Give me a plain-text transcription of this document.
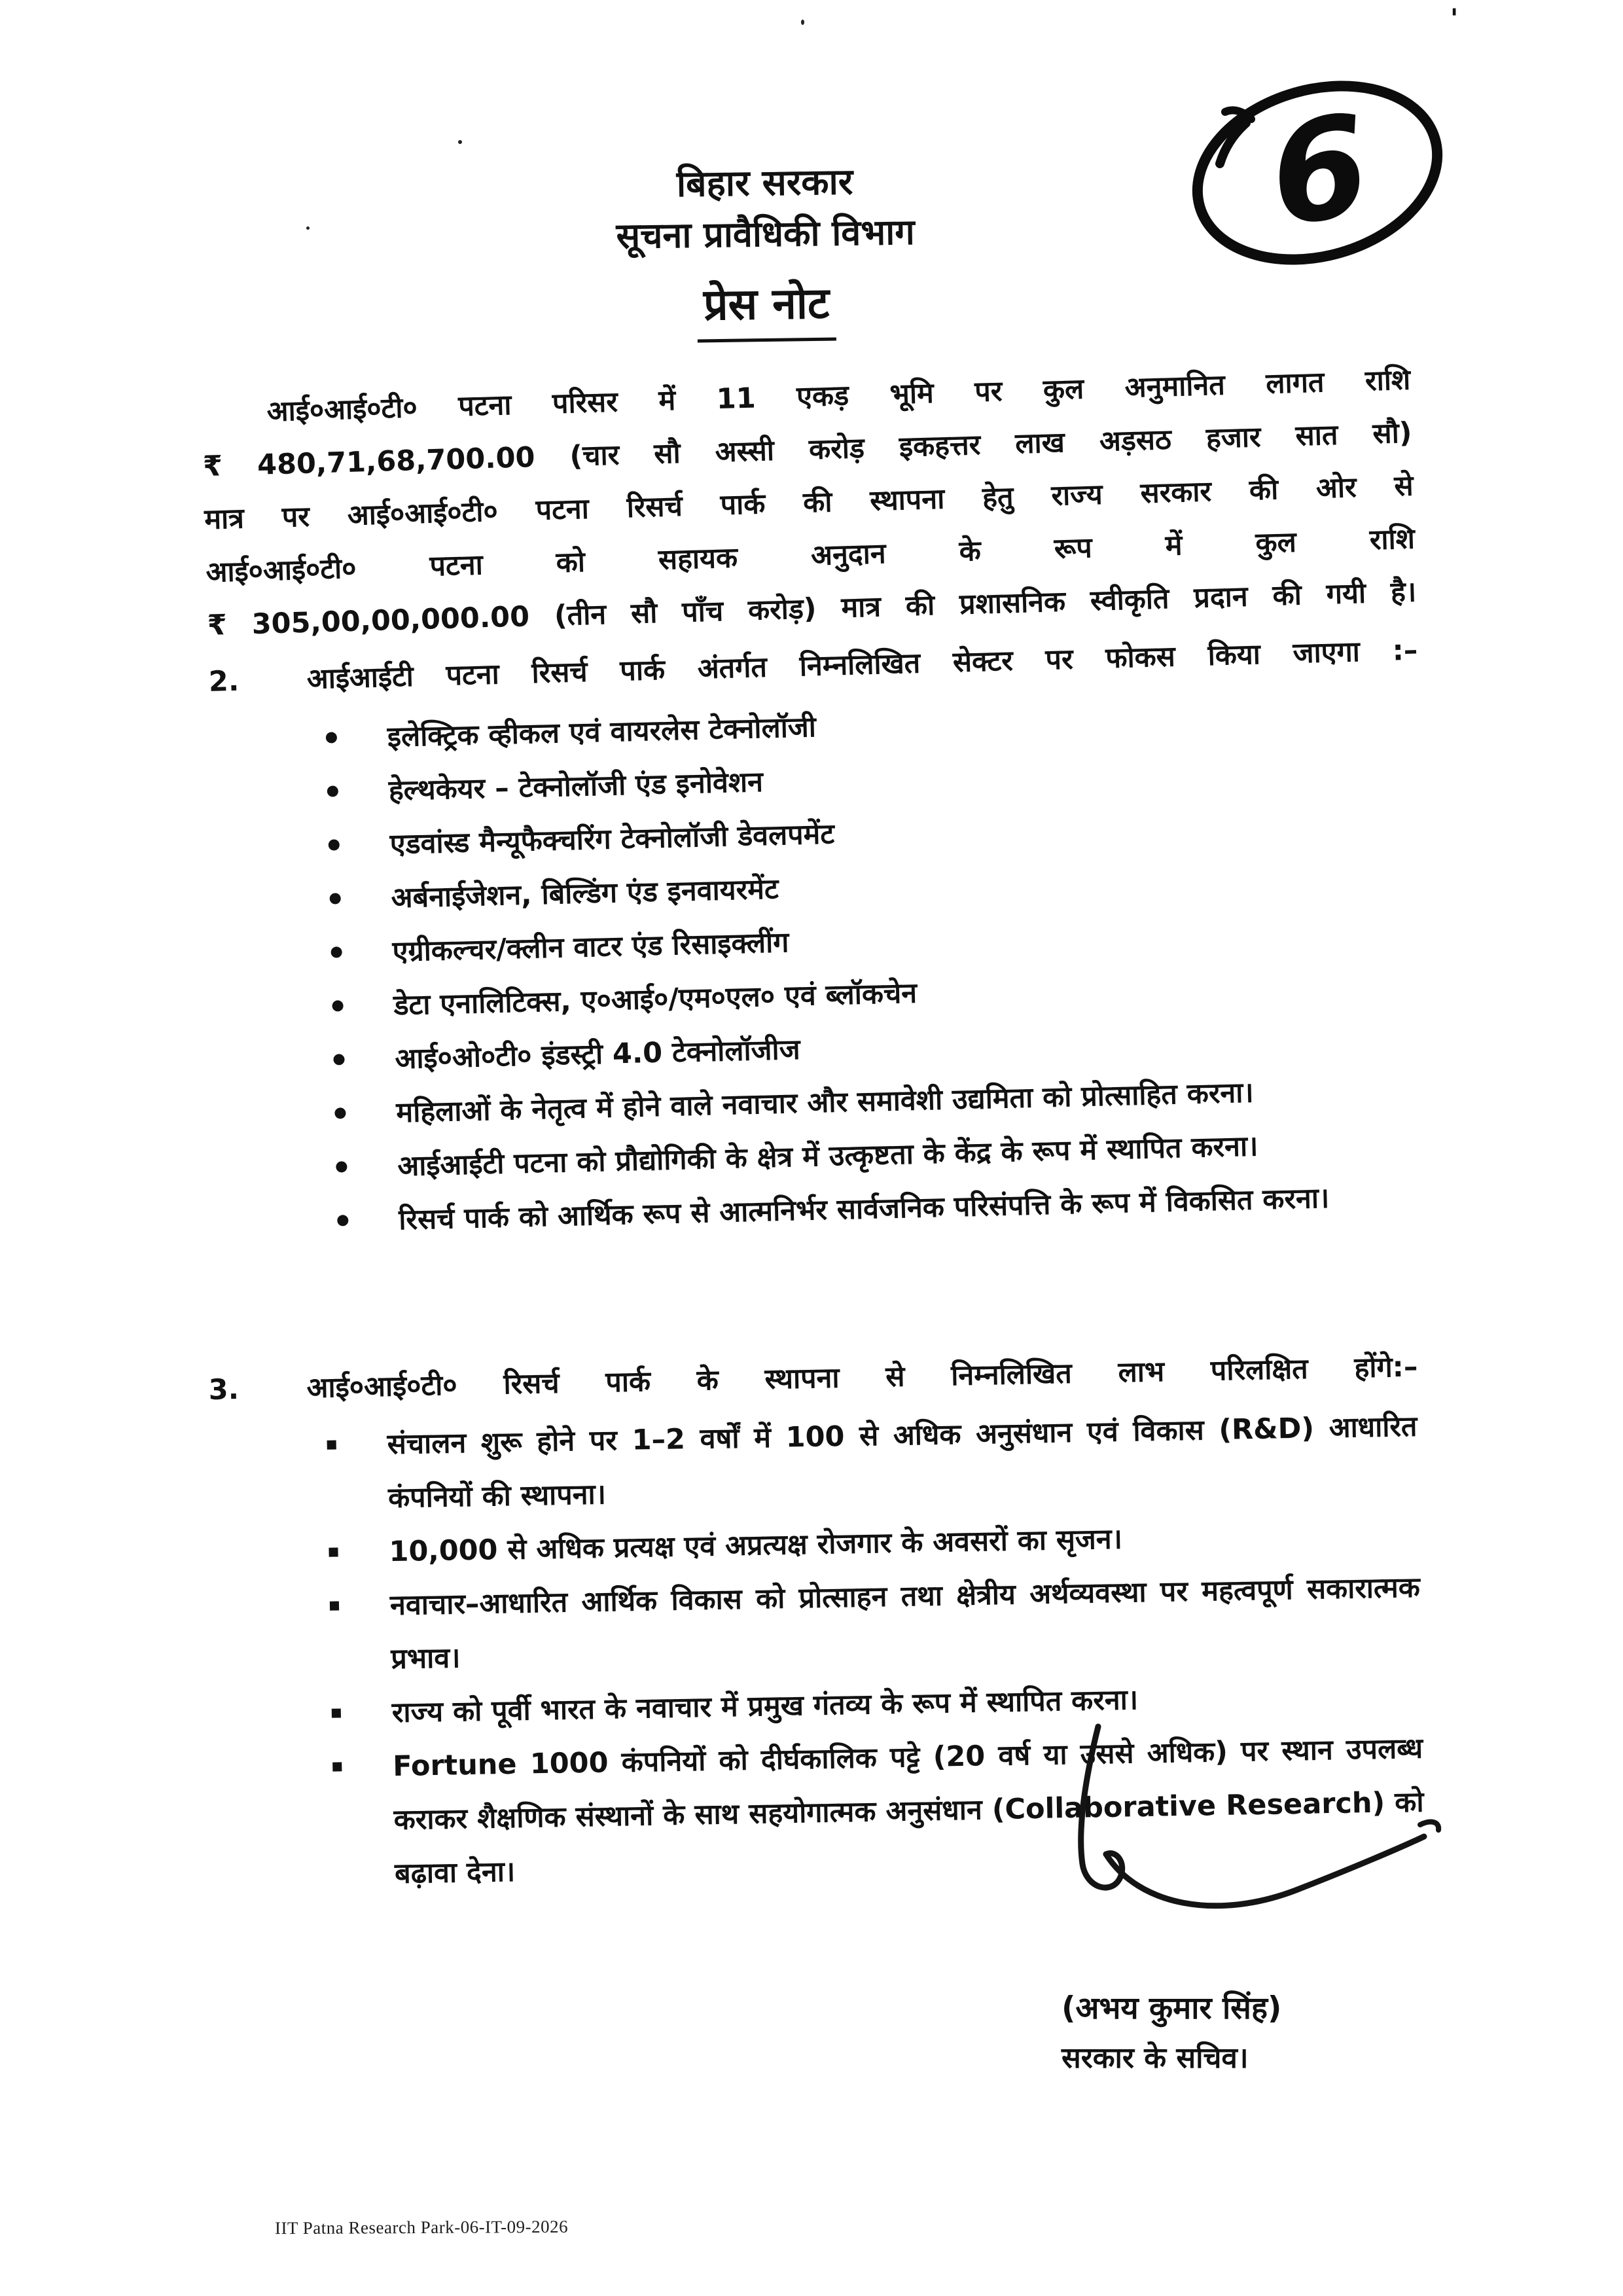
'
6
बिहार सरकार
सूचना प्रावैधिकी विभाग
प्रेस नोट
आई०आई०टी० पटना परिसर में 11 एकड़ भूमि पर कुल अनुमानित लागत राशि
₹ 480,71,68,700.00 (चार सौ अस्सी करोड़ इकहत्तर लाख अड़सठ हजार सात सौ)
मात्र पर आई०आई०टी० पटना रिसर्च पार्क की स्थापना हेतु राज्य सरकार की ओर से
आई०आई०टी० पटना को सहायक अनुदान के रूप में कुल राशि
₹ 305,00,00,000.00 (तीन सौ पाँच करोड़) मात्र की प्रशासनिक स्वीकृति प्रदान की गयी है।
2.	आईआईटी पटना रिसर्च पार्क अंतर्गत निम्नलिखित सेक्टर पर फोकस किया जाएगा :–
इलेक्ट्रिक व्हीकल एवं वायरलेस टेक्नोलॉजी
हेल्थकेयर – टेक्नोलॉजी एंड इनोवेशन
एडवांस्ड मैन्यूफैक्चरिंग टेक्नोलॉजी डेवलपमेंट
अर्बनाईजेशन, बिल्डिंग एंड इनवायरमेंट
एग्रीकल्चर/क्लीन वाटर एंड रिसाइक्लींग
डेटा एनालिटिक्स, ए०आई०/एम०एल० एवं ब्लॉकचेन
आई०ओ०टी० इंडस्ट्री 4.0 टेक्नोलॉजीज
महिलाओं के नेतृत्व में होने वाले नवाचार और समावेशी उद्यमिता को प्रोत्साहित करना।
आईआईटी पटना को प्रौद्योगिकी के क्षेत्र में उत्कृष्टता के केंद्र के रूप में स्थापित करना।
रिसर्च पार्क को आर्थिक रूप से आत्मनिर्भर सार्वजनिक परिसंपत्ति के रूप में विकसित करना।
3.	आई०आई०टी० रिसर्च पार्क के स्थापना से निम्नलिखित लाभ परिलक्षित होंगे:–
संचालन शुरू होने पर 1–2 वर्षों में 100 से अधिक अनुसंधान एवं विकास (R&D) आधारित कंपनियों की स्थापना।
10,000 से अधिक प्रत्यक्ष एवं अप्रत्यक्ष रोजगार के अवसरों का सृजन।
नवाचार–आधारित आर्थिक विकास को प्रोत्साहन तथा क्षेत्रीय अर्थव्यवस्था पर महत्वपूर्ण सकारात्मक प्रभाव।
राज्य को पूर्वी भारत के नवाचार में प्रमुख गंतव्य के रूप में स्थापित करना।
Fortune 1000 कंपनियों को दीर्घकालिक पट्टे (20 वर्ष या उससे अधिक) पर स्थान उपलब्ध कराकर शैक्षणिक संस्थानों के साथ सहयोगात्मक अनुसंधान (Collaborative Research) को बढ़ावा देना।
(अभय कुमार सिंह)
सरकार के सचिव।
IIT Patna Research Park-06-IT-09-2026
